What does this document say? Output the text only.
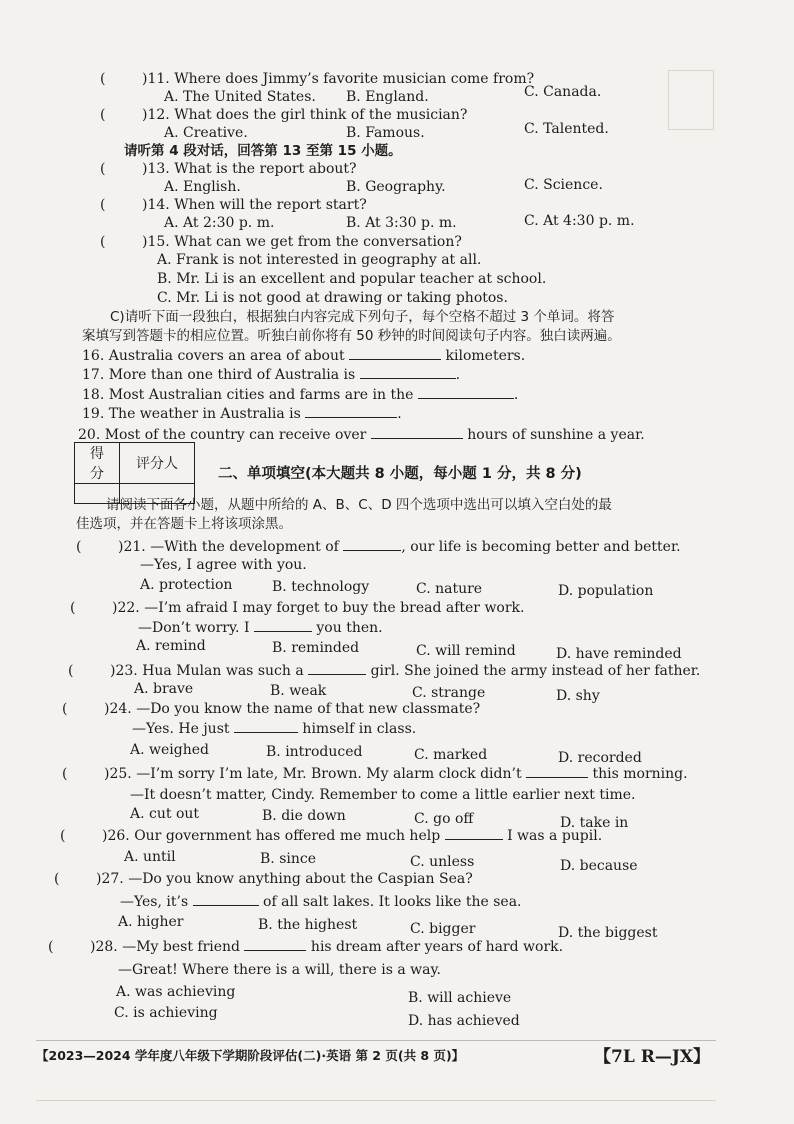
(	)11. Where does Jimmy’s favorite musician come from?
A. The United States. B. England.	C. Canada.
(	)12. What does the girl think of the musician?
A. Creative.	B. Famous.	C. Talented.
请听第 4 段对话，回答第 13 至第 15 小题。
(	)13. What is the report about?
A. English.	B. Geography.	C. Science.
(	)14. When will the report start?
A. At 2:30 p. m.	B. At 3:30 p. m.	C. At 4:30 p. m.
(	)15. What can we get from the conversation?
A. Frank is not interested in geography at all.
B. Mr. Li is an excellent and popular teacher at school.
C. Mr. Li is not good at drawing or taking photos.
C)请听下面一段独白，根据独白内容完成下列句子，每个空格不超过 3 个单词。将答
案填写到答题卡的相应位置。听独白前你将有 50 秒钟的时间阅读句子内容。独白读两遍。
16. Australia covers an area of about	kilometers.
17. More than one third of Australia is	.
18. Most Australian cities and farms are in the	.
19. The weather in Australia is	.
20. Most of the country can receive over	hours of sunshine a year.
得 分	评分人

二、单项填空(本大题共 8 小题，每小题 1 分，共 8 分)
请阅读下面各小题，从题中所给的 A、B、C、D 四个选项中选出可以填入空白处的最
佳选项，并在答题卡上将该项涂黑。
(	)21. —With the development of	, our life is becoming better and better.
—Yes, I agree with you.
A. protection	B. technology	C. nature	D. population
(	)22. —I’m afraid I may forget to buy the bread after work.
—Don’t worry. I	you then.
A. remind	B. reminded	C. will remind	D. have reminded
(	)23. Hua Mulan was such a	girl. She joined the army instead of her father.
A. brave	B. weak	C. strange	D. shy
(	)24. —Do you know the name of that new classmate?
—Yes. He just	himself in class.
A. weighed	B. introduced	C. marked	D. recorded
(	)25. —I’m sorry I’m late, Mr. Brown. My alarm clock didn’t	this morning.
—It doesn’t matter, Cindy. Remember to come a little earlier next time.
A. cut out	B. die down	C. go off	D. take in
(	)26. Our government has offered me much help	I was a pupil.
A. until	B. since	C. unless	D. because
(	)27. —Do you know anything about the Caspian Sea?
—Yes, it’s	of all salt lakes. It looks like the sea.
A. higher	B. the highest	C. bigger	D. the biggest
(	)28. —My best friend	his dream after years of hard work.
—Great! Where there is a will, there is a way.
A. was achieving	B. will achieve
C. is achieving	D. has achieved
【2023—2024 学年度八年级下学期阶段评估(二)·英语 第 2 页(共 8 页)】	【7L R—JX】
